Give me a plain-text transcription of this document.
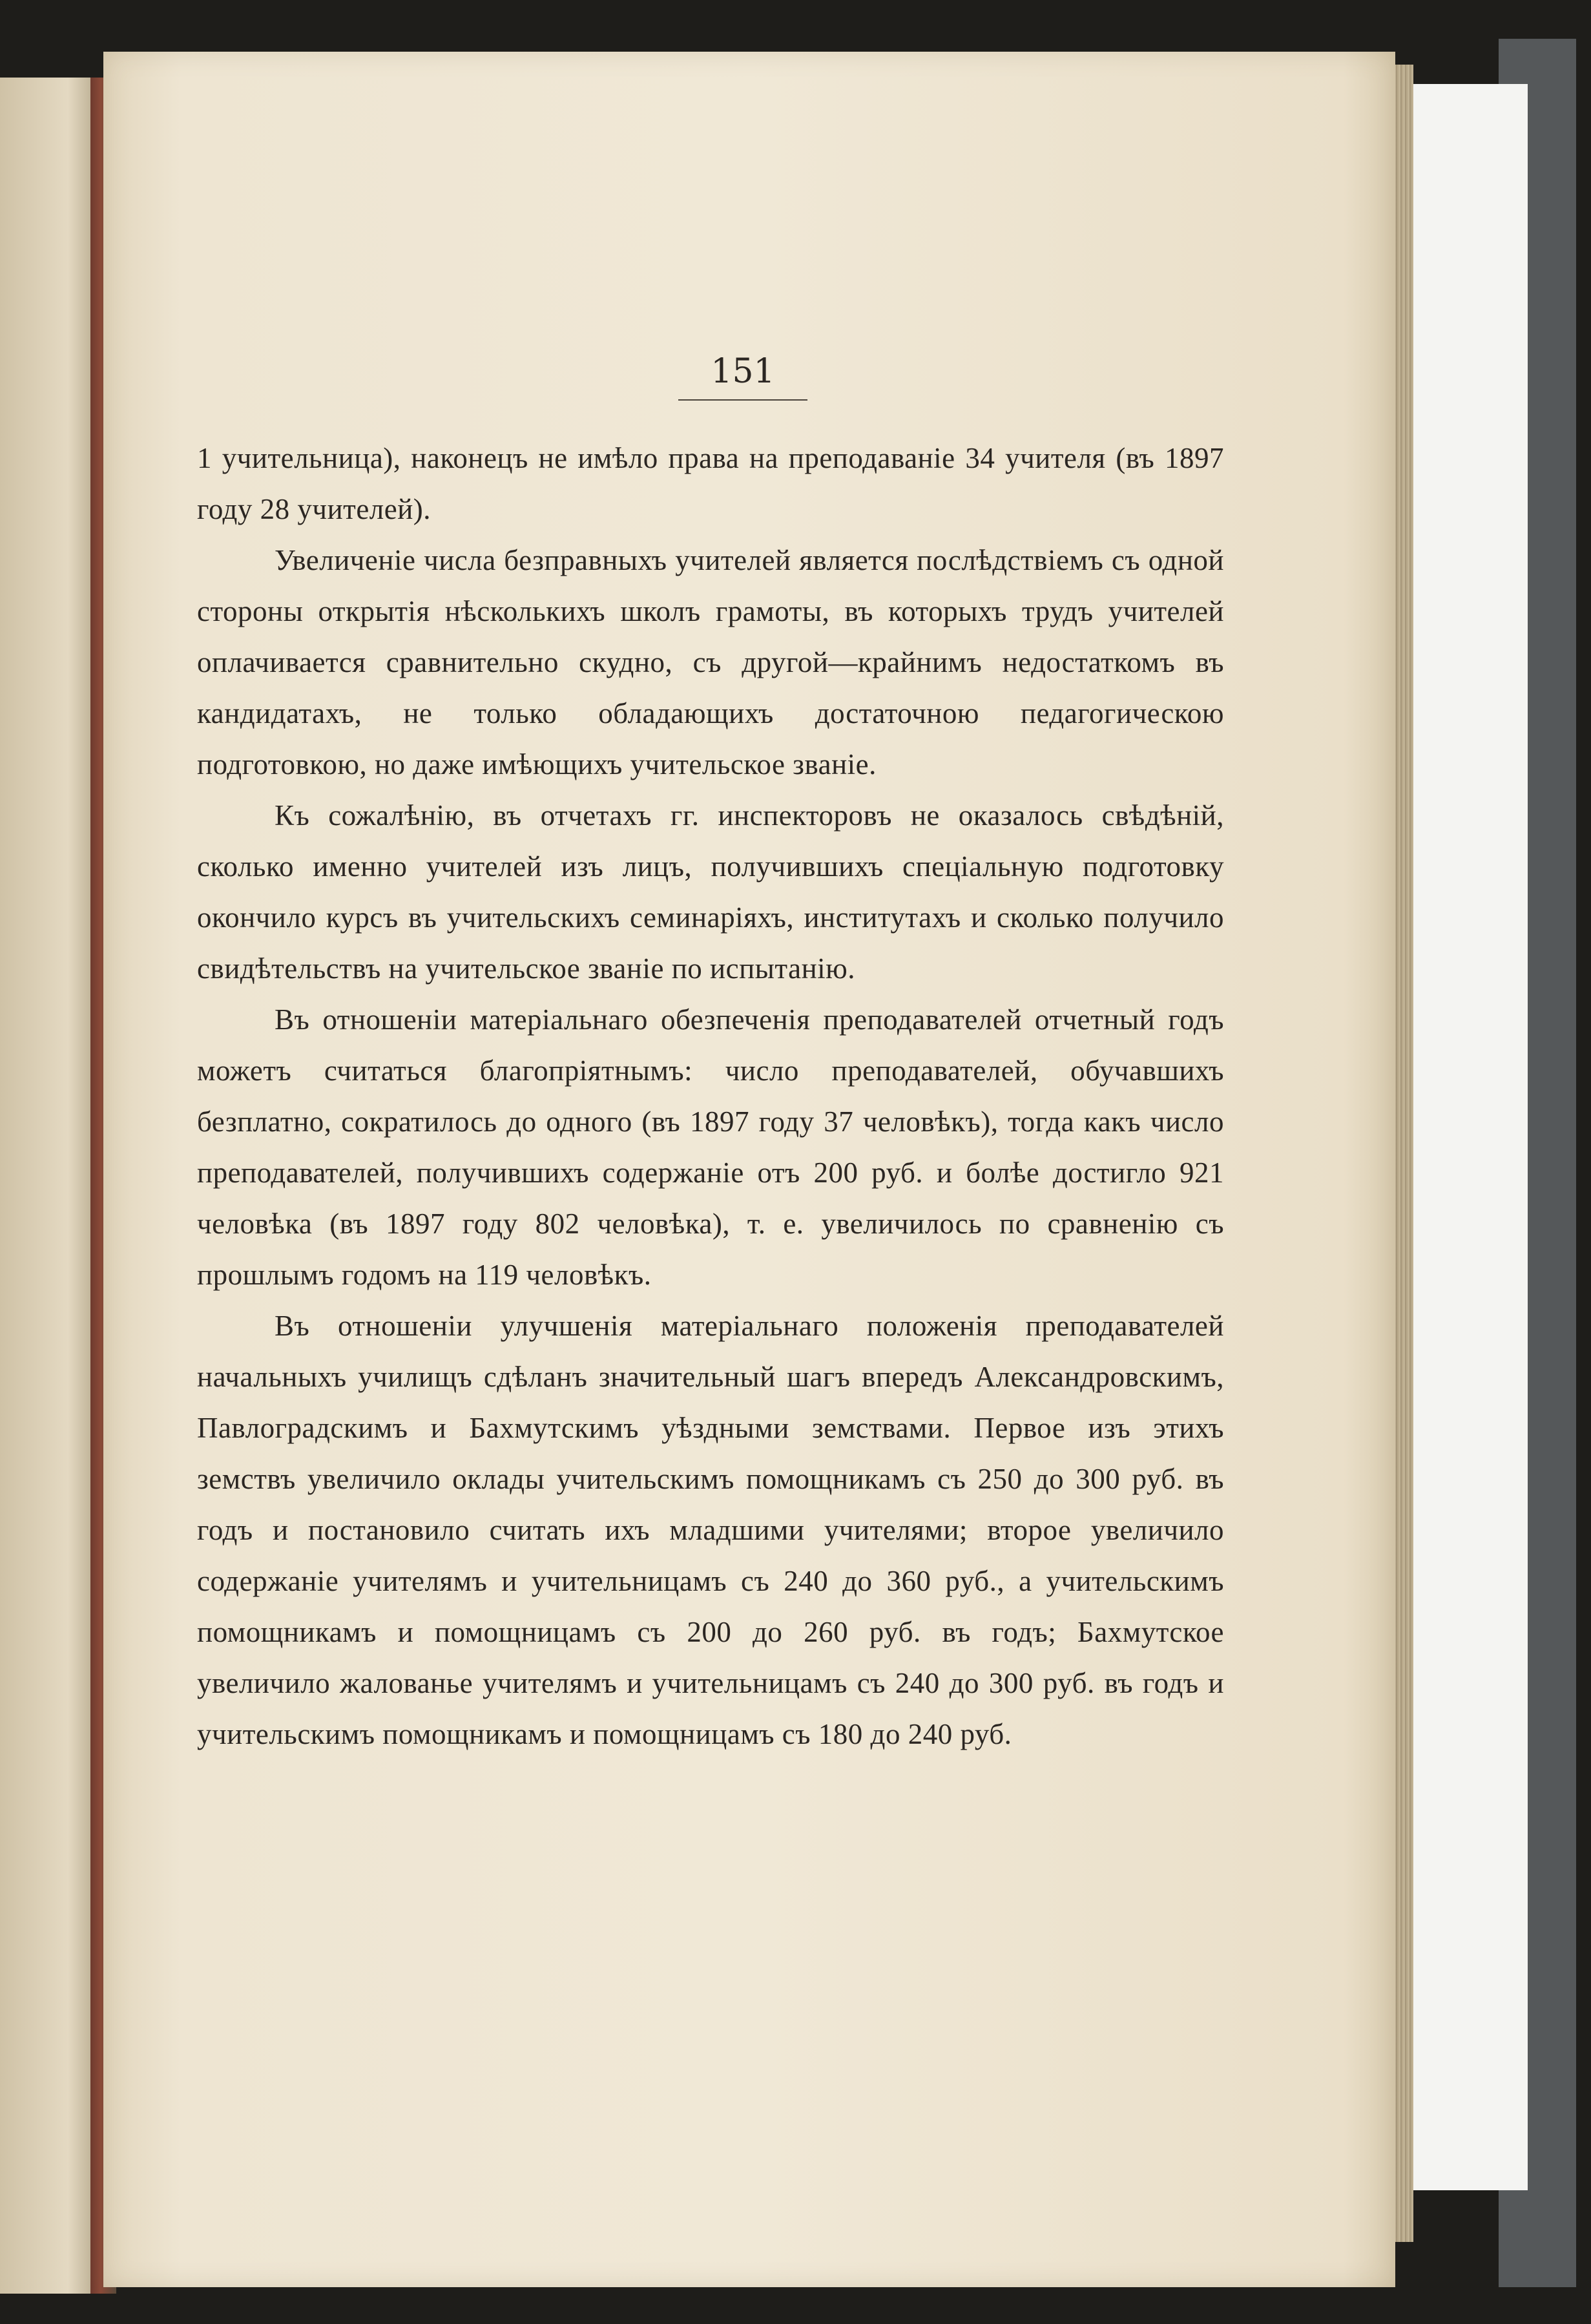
151

1 учительница), наконецъ не имѣло права на преподаванiе 34 учителя (въ 1897 году 28 учителей).

Увеличенiе числа безправныхъ учителей является послѣдствiемъ съ одной стороны открытiя нѣсколькихъ школъ грамоты, въ которыхъ трудъ учителей оплачивается сравнительно скудно, съ другой—крайнимъ недостаткомъ въ кандидатахъ, не только обладающихъ достаточною педагогическою подготовкою, но даже имѣющихъ учительское званiе.

Къ сожалѣнiю, въ отчетахъ гг. инспекторовъ не оказалось свѣдѣнiй, сколько именно учителей изъ лицъ, получившихъ спецiальную подготовку окончило курсъ въ учительскихъ семинарiяхъ, институтахъ и сколько получило свидѣтельствъ на учительское званiе по испытанiю.

Въ отношенiи матерiальнаго обезпеченiя преподавателей отчетный годъ можетъ считаться благопрiятнымъ: число преподавателей, обучавшихъ безплатно, сократилось до одного (въ 1897 году 37 человѣкъ), тогда какъ число преподавателей, получившихъ содержанiе отъ 200 руб. и болѣе достигло 921 человѣка (въ 1897 году 802 человѣка), т. е. увеличилось по сравненiю съ прошлымъ годомъ на 119 человѣкъ.

Въ отношенiи улучшенiя матерiальнаго положенiя преподавателей начальныхъ училищъ сдѣланъ значительный шагъ впередъ Александровскимъ, Павлоградскимъ и Бахмутскимъ уѣздными земствами. Первое изъ этихъ земствъ увеличило оклады учительскимъ помощникамъ съ 250 до 300 руб. въ годъ и постановило считать ихъ младшими учителями; второе увеличило содержанiе учителямъ и учительницамъ съ 240 до 360 руб., а учительскимъ помощникамъ и помощницамъ съ 200 до 260 руб. въ годъ; Бахмутское увеличило жалованье учителямъ и учительницамъ съ 240 до 300 руб. въ годъ и учительскимъ помощникамъ и помощницамъ съ 180 до 240 руб.
